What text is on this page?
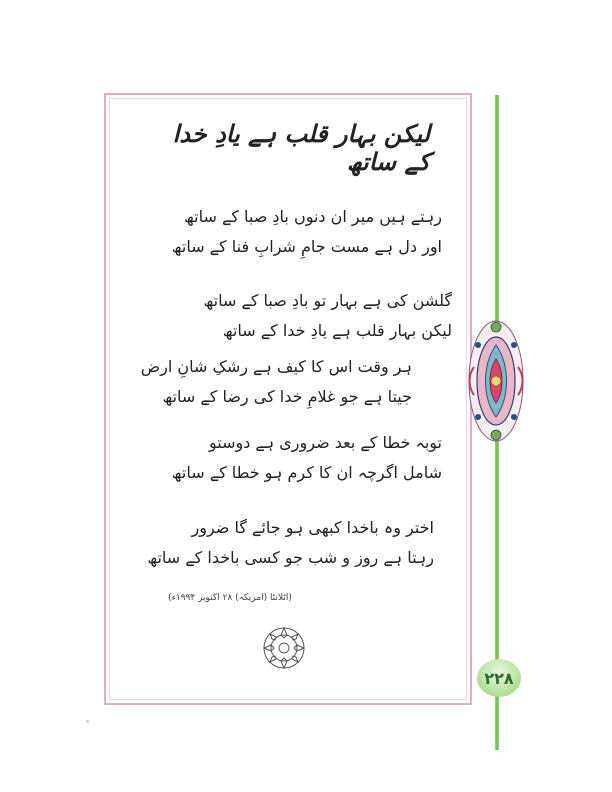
۲۲۸
لیکن بہار قلب ہے یادِ خدا کے ساتھ
رہتے ہیں میر ان دنوں بادِ صبا کے ساتھ
اور دل ہے مست جامِ شرابِ فنا کے ساتھ
گلشن کی ہے بہار تو بادِ صبا کے ساتھ
لیکن بہار قلب ہے یادِ خدا کے ساتھ
ہر وقت اس کا کیف ہے رشکِ شانِ ارض
جیتا ہے جو غلامِ خدا کی رضا کے ساتھ
توبہ خطا کے بعد ضروری ہے دوستو
شامل اگرچہ ان کا کرم ہو خطا کے ساتھ
اختر وہ باخدا کبھی ہو جائے گا ضرور
رہتا ہے روز و شب جو کسی باخدا کے ساتھ
(اٹلانٹا (امریکہ) ۲۸ اکتوبر ۱۹۹۴ء)
